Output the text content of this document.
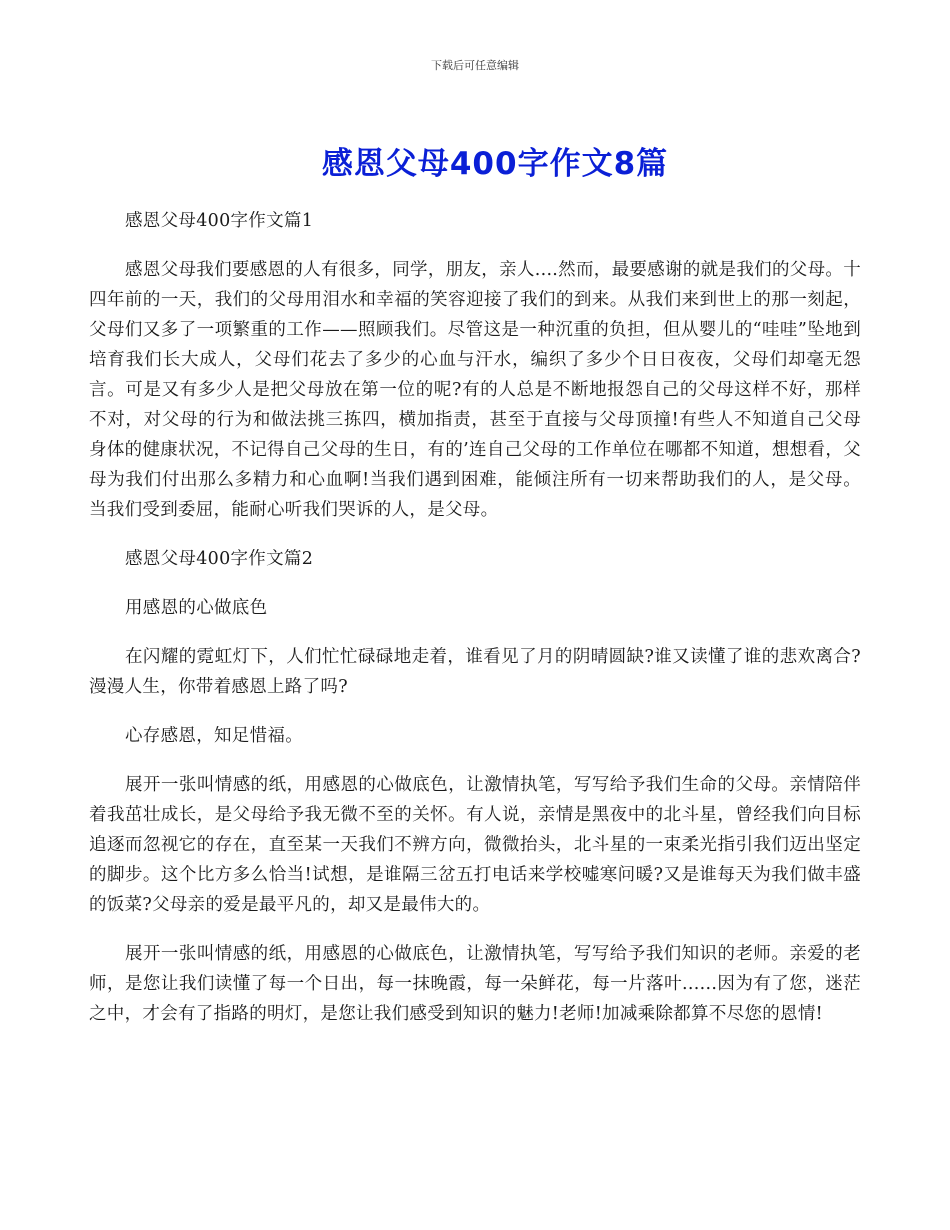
下载后可任意编辑
感恩父母400字作文8篇

感恩父母400字作文篇1

感恩父母我们要感恩的人有很多，同学，朋友，亲人....然而，最要感谢的就是我们的父母。十四年前的一天，我们的父母用泪水和幸福的笑容迎接了我们的到来。从我们来到世上的那一刻起，父母们又多了一项繁重的工作——照顾我们。尽管这是一种沉重的负担，但从婴儿的“哇哇”坠地到培育我们长大成人，父母们花去了多少的心血与汗水，编织了多少个日日夜夜，父母们却毫无怨言。可是又有多少人是把父母放在第一位的呢?有的人总是不断地报怨自己的父母这样不好，那样不对，对父母的行为和做法挑三拣四，横加指责，甚至于直接与父母顶撞!有些人不知道自己父母身体的健康状况，不记得自己父母的生日，有的’连自己父母的工作单位在哪都不知道，想想看，父母为我们付出那么多精力和心血啊!当我们遇到困难，能倾注所有一切来帮助我们的人，是父母。当我们受到委屈，能耐心听我们哭诉的人，是父母。

感恩父母400字作文篇2

用感恩的心做底色

在闪耀的霓虹灯下，人们忙忙碌碌地走着，谁看见了月的阴晴圆缺?谁又读懂了谁的悲欢离合?漫漫人生，你带着感恩上路了吗?

心存感恩，知足惜福。

展开一张叫情感的纸，用感恩的心做底色，让激情执笔，写写给予我们生命的父母。亲情陪伴着我茁壮成长，是父母给予我无微不至的关怀。有人说，亲情是黑夜中的北斗星，曾经我们向目标追逐而忽视它的存在，直至某一天我们不辨方向，微微抬头，北斗星的一束柔光指引我们迈出坚定的脚步。这个比方多么恰当!试想，是谁隔三岔五打电话来学校嘘寒问暖?又是谁每天为我们做丰盛的饭菜?父母亲的爱是最平凡的，却又是最伟大的。

展开一张叫情感的纸，用感恩的心做底色，让激情执笔，写写给予我们知识的老师。亲爱的老师，是您让我们读懂了每一个日出，每一抹晚霞，每一朵鲜花，每一片落叶......因为有了您，迷茫之中，才会有了指路的明灯，是您让我们感受到知识的魅力!老师!加减乘除都算不尽您的恩情!
